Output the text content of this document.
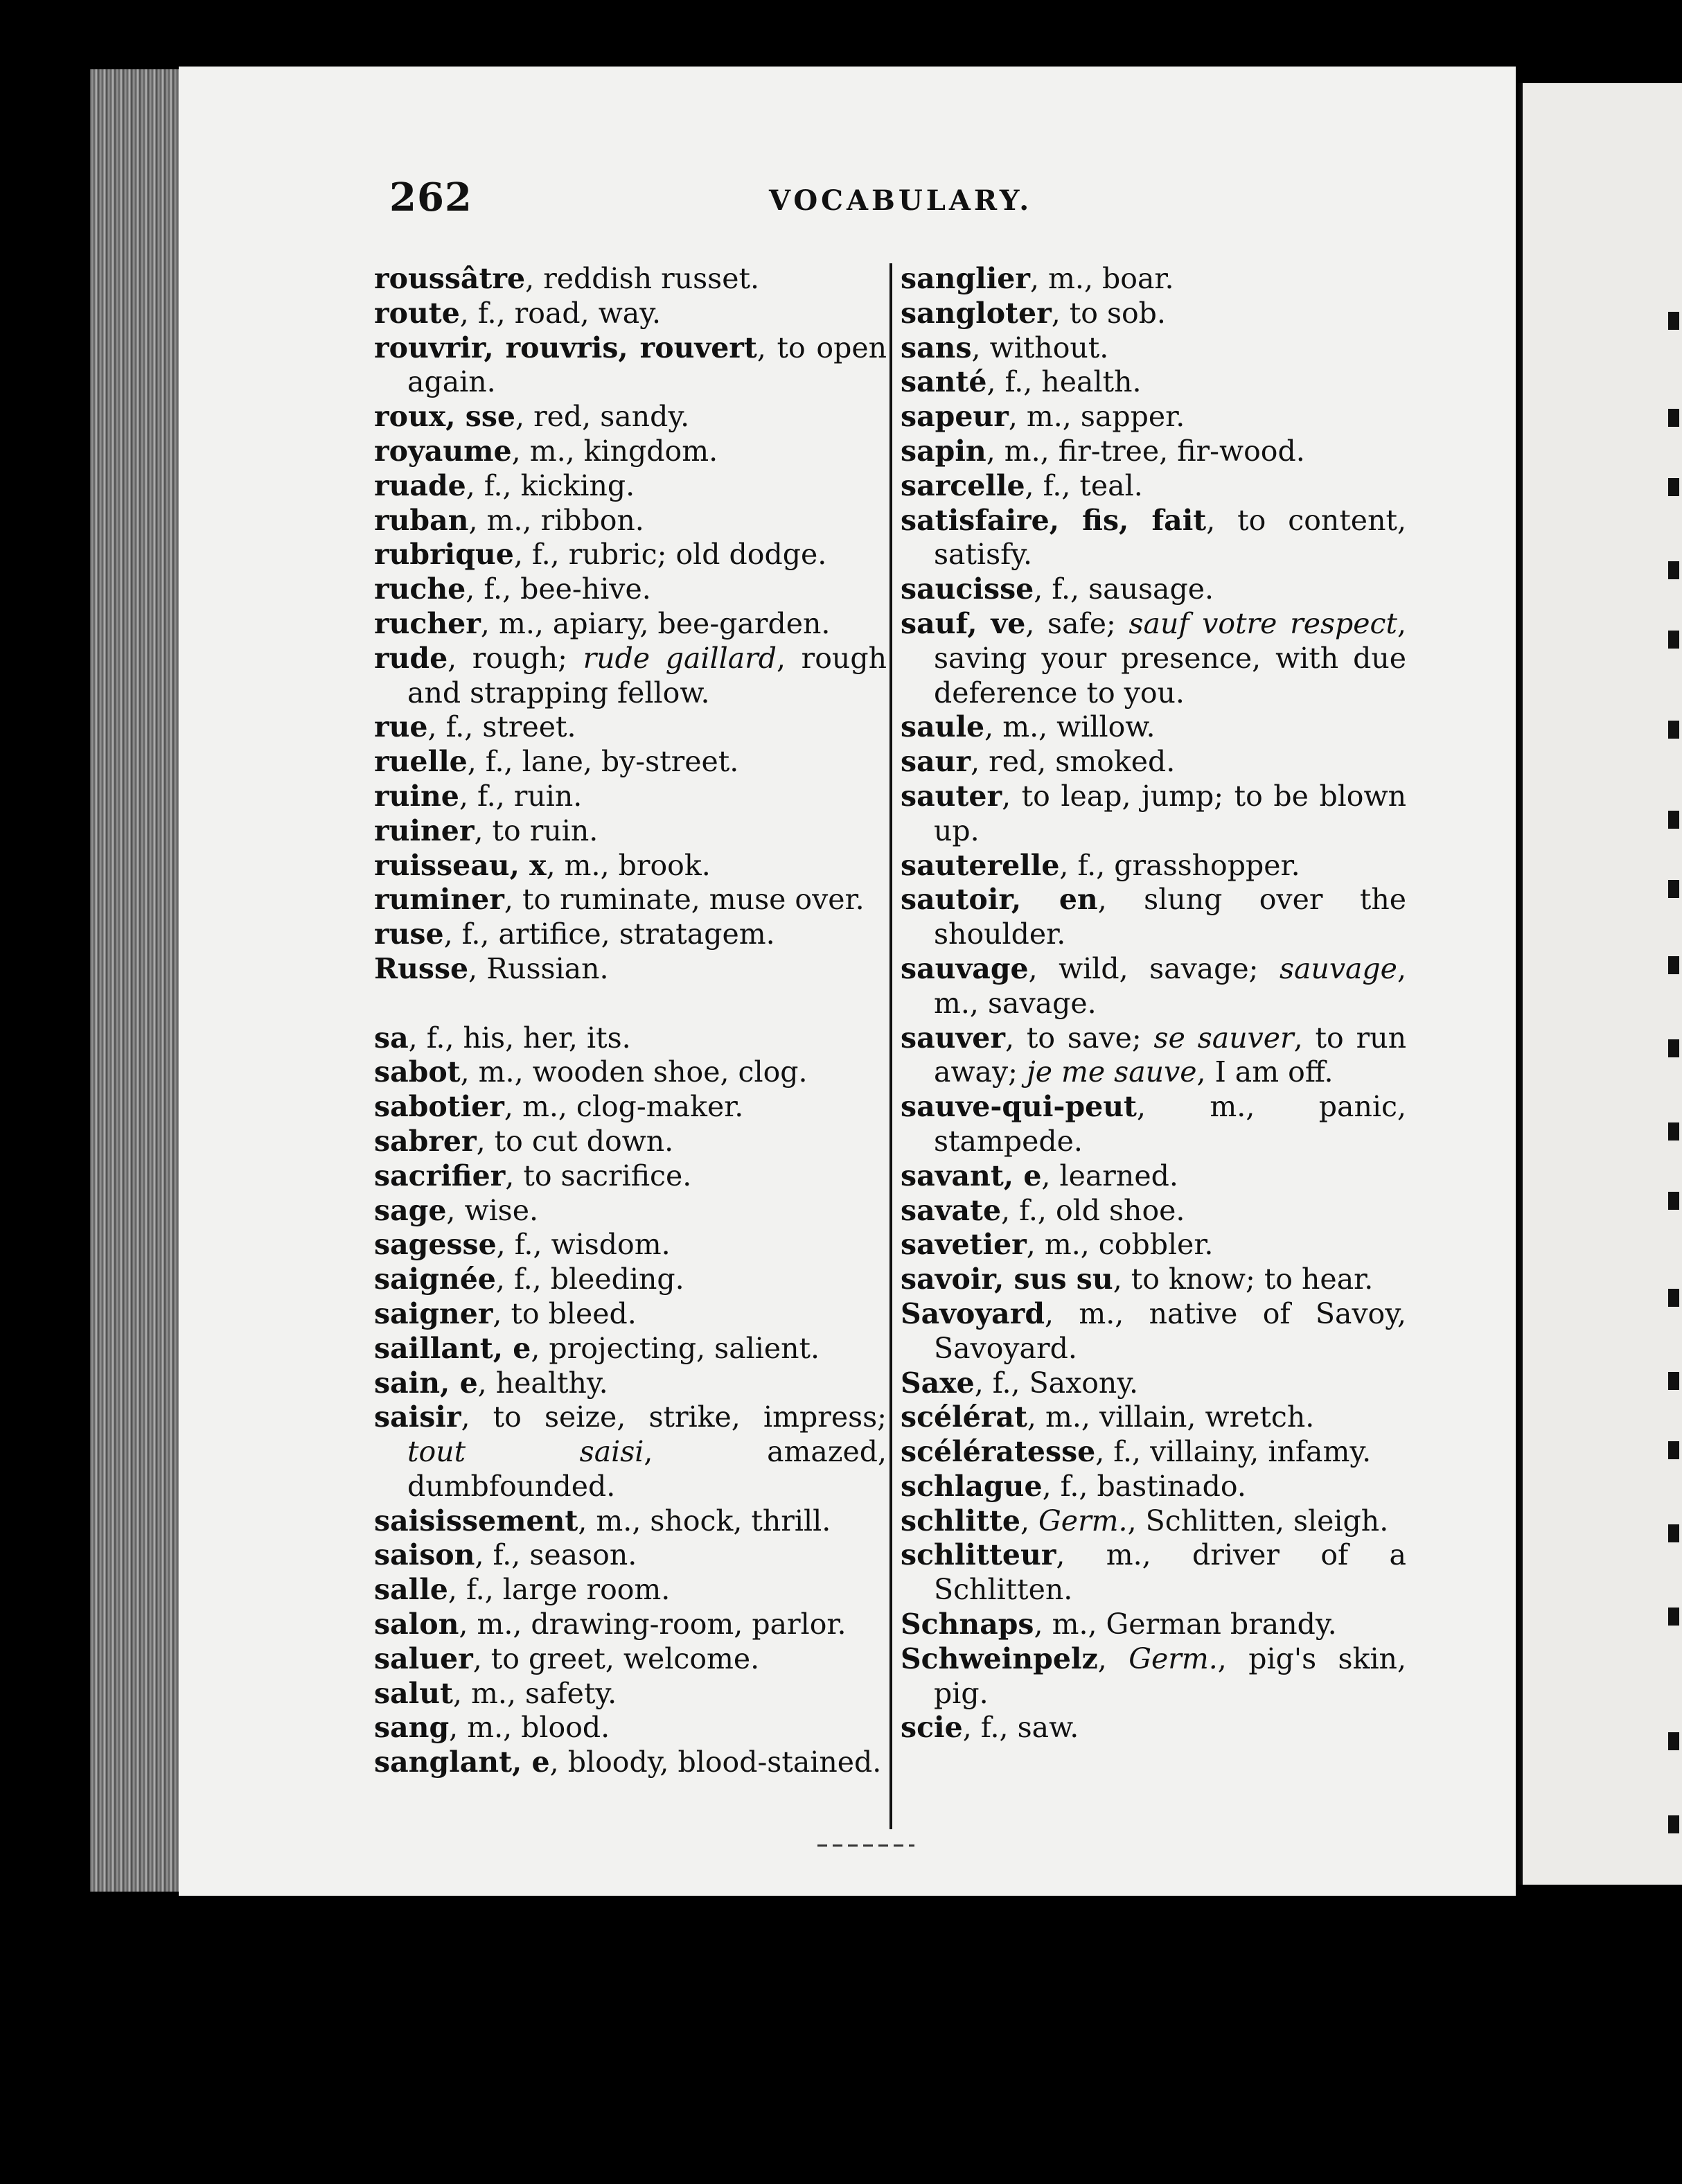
262	VOCABULARY.

roussâtre, reddish russet.

route, f., road, way.

rouvrir, rouvris, rouvert, to open again.

roux, sse, red, sandy.

royaume, m., kingdom.

ruade, f., kicking.

ruban, m., ribbon.

rubrique, f., rubric; old dodge.

ruche, f., bee-hive.

rucher, m., apiary, bee-garden.

rude, rough; rude gaillard, rough and strapping fellow.

rue, f., street.

ruelle, f., lane, by-street.

ruine, f., ruin.

ruiner, to ruin.

ruisseau, x, m., brook.

ruminer, to ruminate, muse over.

ruse, f., artifice, stratagem.

Russe, Russian.

sa, f., his, her, its.

sabot, m., wooden shoe, clog.

sabotier, m., clog-maker.

sabrer, to cut down.

sacrifier, to sacrifice.

sage, wise.

sagesse, f., wisdom.

saignée, f., bleeding.

saigner, to bleed.

saillant, e, projecting, salient.

sain, e, healthy.

saisir, to seize, strike, impress; tout saisi, amazed, dumbfounded.

saisissement, m., shock, thrill.

saison, f., season.

salle, f., large room.

salon, m., drawing-room, parlor.

saluer, to greet, welcome.

salut, m., safety.

sang, m., blood.

sanglant, e, bloody, blood-stained.

sanglier, m., boar.

sangloter, to sob.

sans, without.

santé, f., health.

sapeur, m., sapper.

sapin, m., fir-tree, fir-wood.

sarcelle, f., teal.

satisfaire, fis, fait, to content, satisfy.

saucisse, f., sausage.

sauf, ve, safe; sauf votre respect, saving your presence, with due deference to you.

saule, m., willow.

saur, red, smoked.

sauter, to leap, jump; to be blown up.

sauterelle, f., grasshopper.

sautoir, en, slung over the shoulder.

sauvage, wild, savage; sauvage, m., savage.

sauver, to save; se sauver, to run away; je me sauve, I am off.

sauve-qui-peut, m., panic, stampede.

savant, e, learned.

savate, f., old shoe.

savetier, m., cobbler.

savoir, sus su, to know; to hear.

Savoyard, m., native of Savoy, Savoyard.

Saxe, f., Saxony.

scélérat, m., villain, wretch.

scélératesse, f., villainy, infamy.

schlague, f., bastinado.

schlitte, Germ., Schlitten, sleigh.

schlitteur, m., driver of a Schlitten.

Schnaps, m., German brandy.

Schweinpelz, Germ., pig's skin, pig.

scie, f., saw.
